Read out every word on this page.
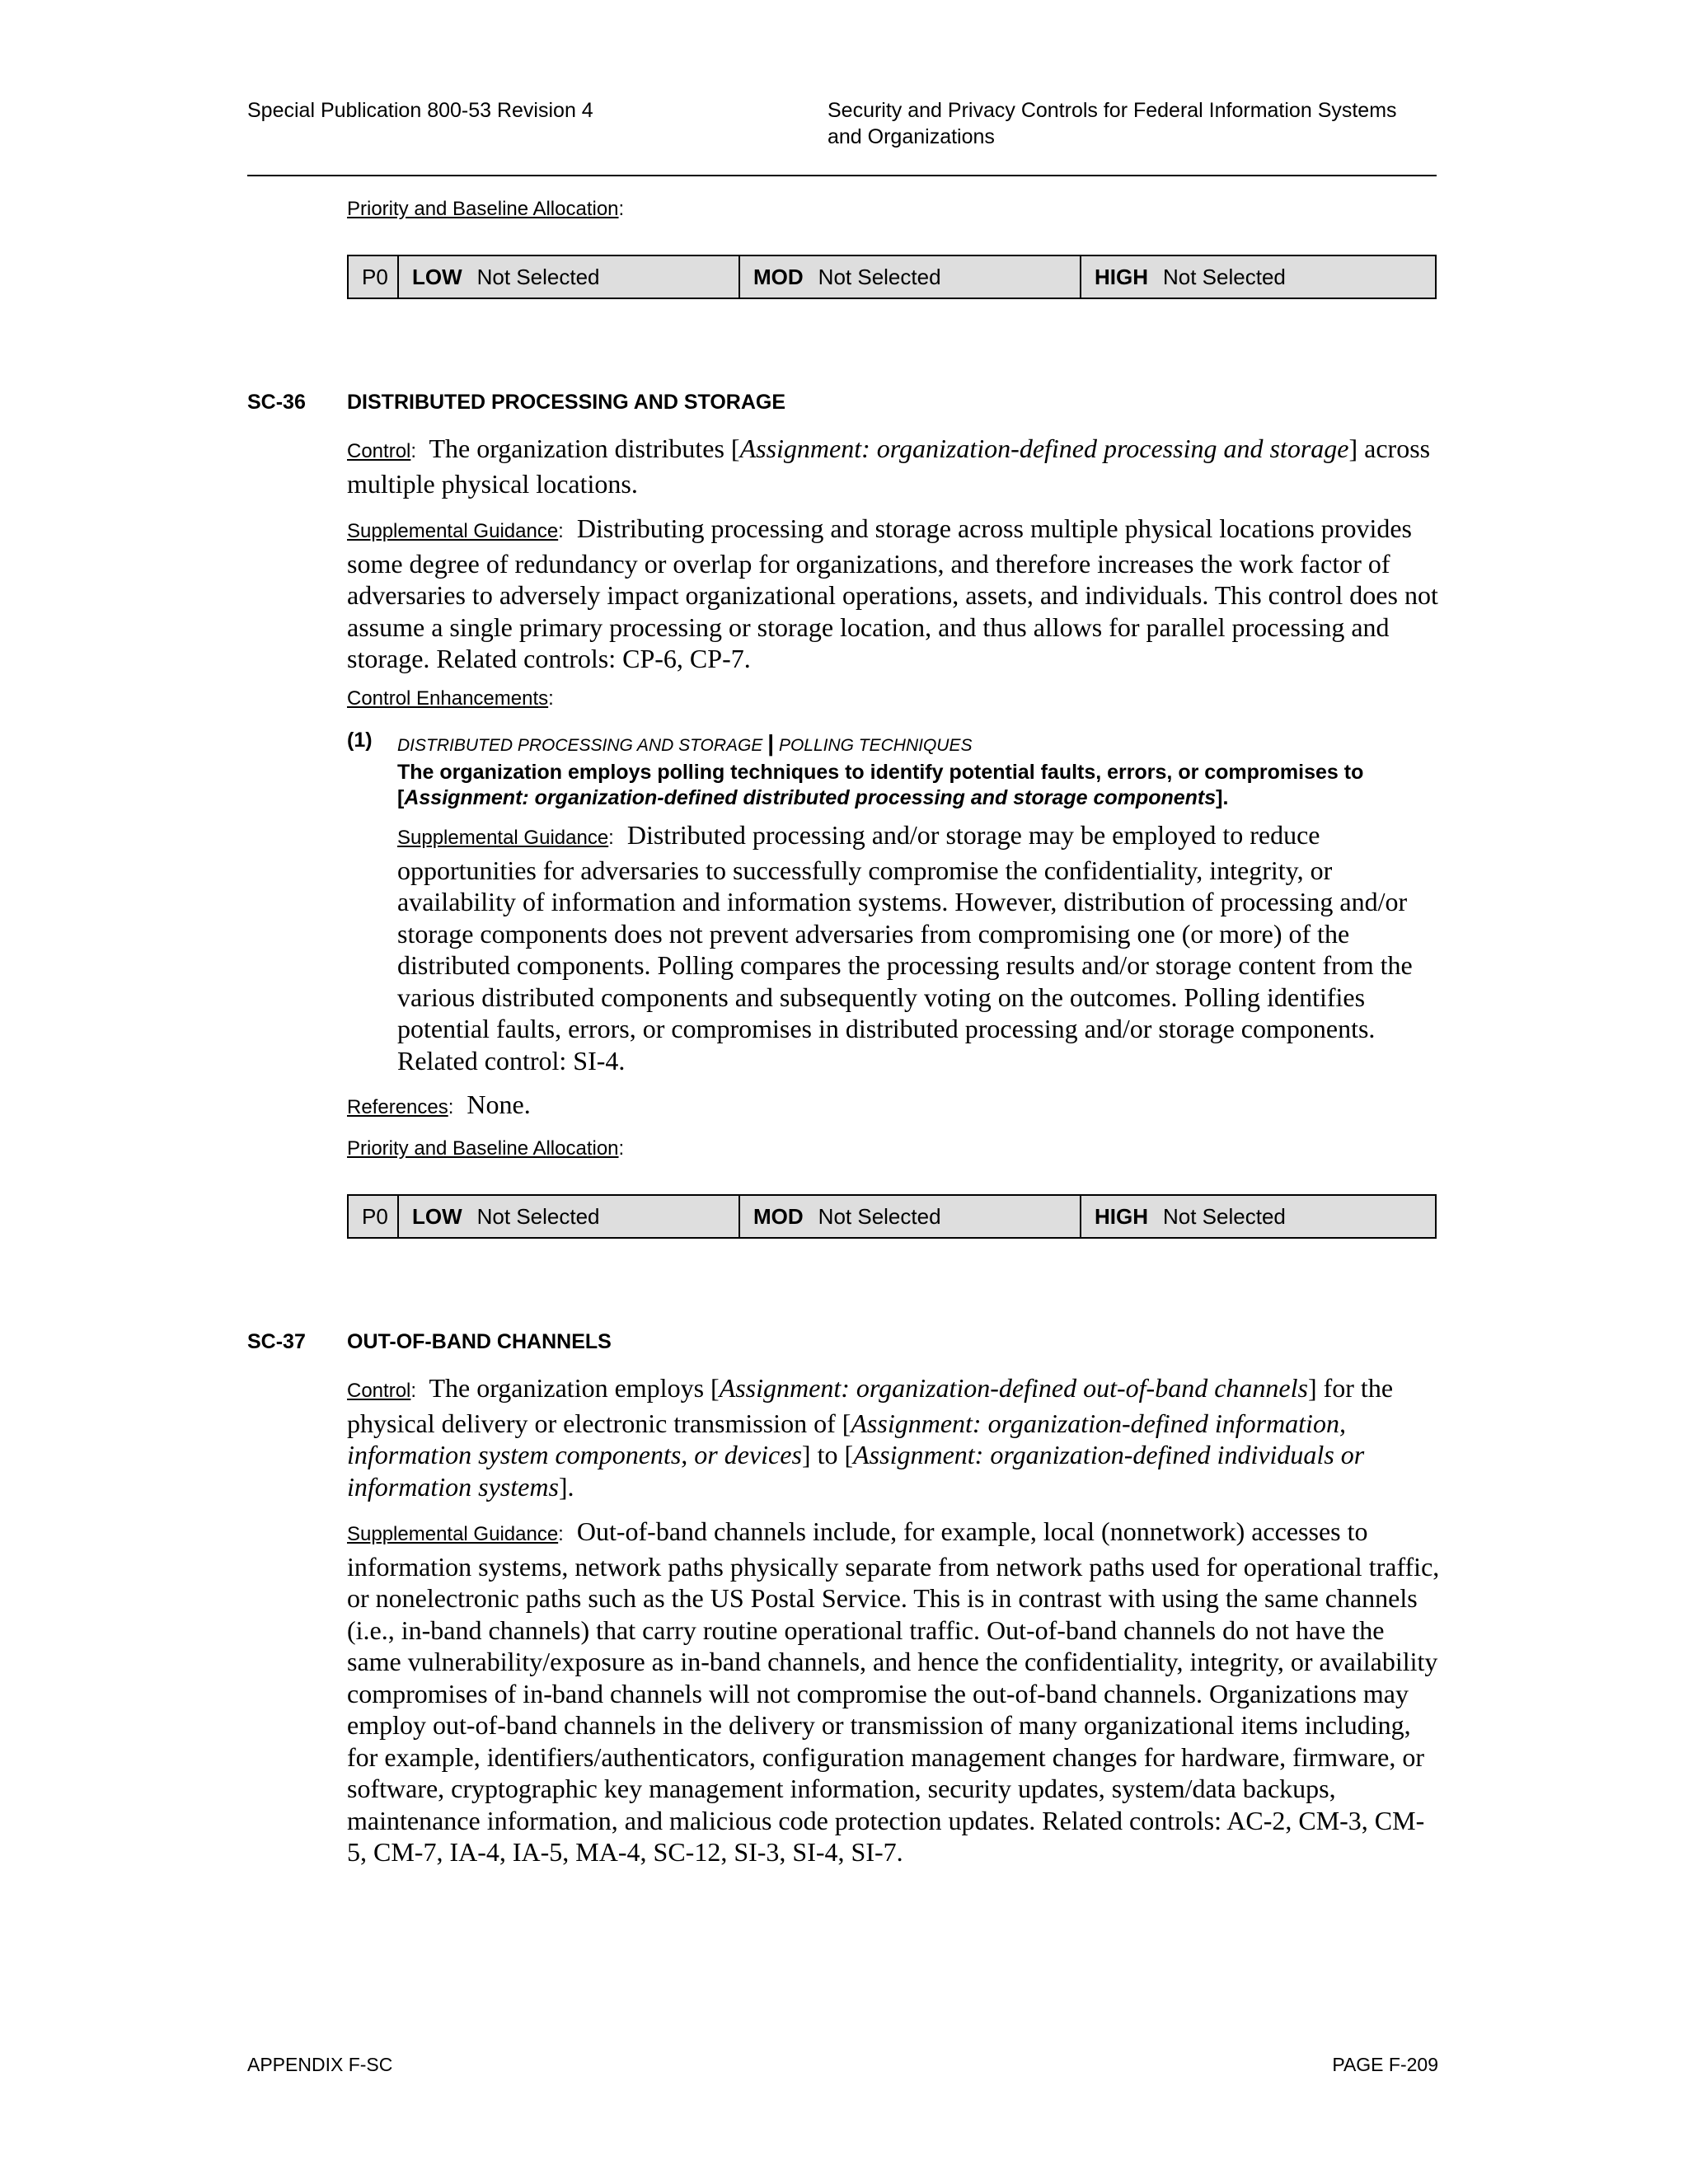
Special Publication 800-53 Revision 4	Security and Privacy Controls for Federal Information Systems
and Organizations
Priority and Baseline Allocation:
P0	LOW Not Selected	MOD Not Selected	HIGH Not Selected
SC-36 DISTRIBUTED PROCESSING AND STORAGE
Control: The organization distributes [Assignment: organization-defined processing and storage] across multiple physical locations.
Supplemental Guidance: Distributing processing and storage across multiple physical locations provides some degree of redundancy or overlap for organizations, and therefore increases the work factor of adversaries to adversely impact organizational operations, assets, and individuals. This control does not assume a single primary processing or storage location, and thus allows for parallel processing and storage. Related controls: CP-6, CP-7.
Control Enhancements:
(1) DISTRIBUTED PROCESSING AND STORAGE | POLLING TECHNIQUES
The organization employs polling techniques to identify potential faults, errors, or compromises to [Assignment: organization-defined distributed processing and storage components].
Supplemental Guidance: Distributed processing and/or storage may be employed to reduce opportunities for adversaries to successfully compromise the confidentiality, integrity, or availability of information and information systems. However, distribution of processing and/or storage components does not prevent adversaries from compromising one (or more) of the distributed components. Polling compares the processing results and/or storage content from the various distributed components and subsequently voting on the outcomes. Polling identifies potential faults, errors, or compromises in distributed processing and/or storage components. Related control: SI-4.
References: None.
Priority and Baseline Allocation:
P0	LOW Not Selected	MOD Not Selected	HIGH Not Selected
SC-37 OUT-OF-BAND CHANNELS
Control: The organization employs [Assignment: organization-defined out-of-band channels] for the physical delivery or electronic transmission of [Assignment: organization-defined information, information system components, or devices] to [Assignment: organization-defined individuals or information systems].
Supplemental Guidance: Out-of-band channels include, for example, local (nonnetwork) accesses to information systems, network paths physically separate from network paths used for operational traffic, or nonelectronic paths such as the US Postal Service. This is in contrast with using the same channels (i.e., in-band channels) that carry routine operational traffic. Out-of-band channels do not have the same vulnerability/exposure as in-band channels, and hence the confidentiality, integrity, or availability compromises of in-band channels will not compromise the out-of-band channels. Organizations may employ out-of-band channels in the delivery or transmission of many organizational items including, for example, identifiers/authenticators, configuration management changes for hardware, firmware, or software, cryptographic key management information, security updates, system/data backups, maintenance information, and malicious code protection updates. Related controls: AC-2, CM-3, CM-5, CM-7, IA-4, IA-5, MA-4, SC-12, SI-3, SI-4, SI-7.
APPENDIX F-SC	PAGE F-209
